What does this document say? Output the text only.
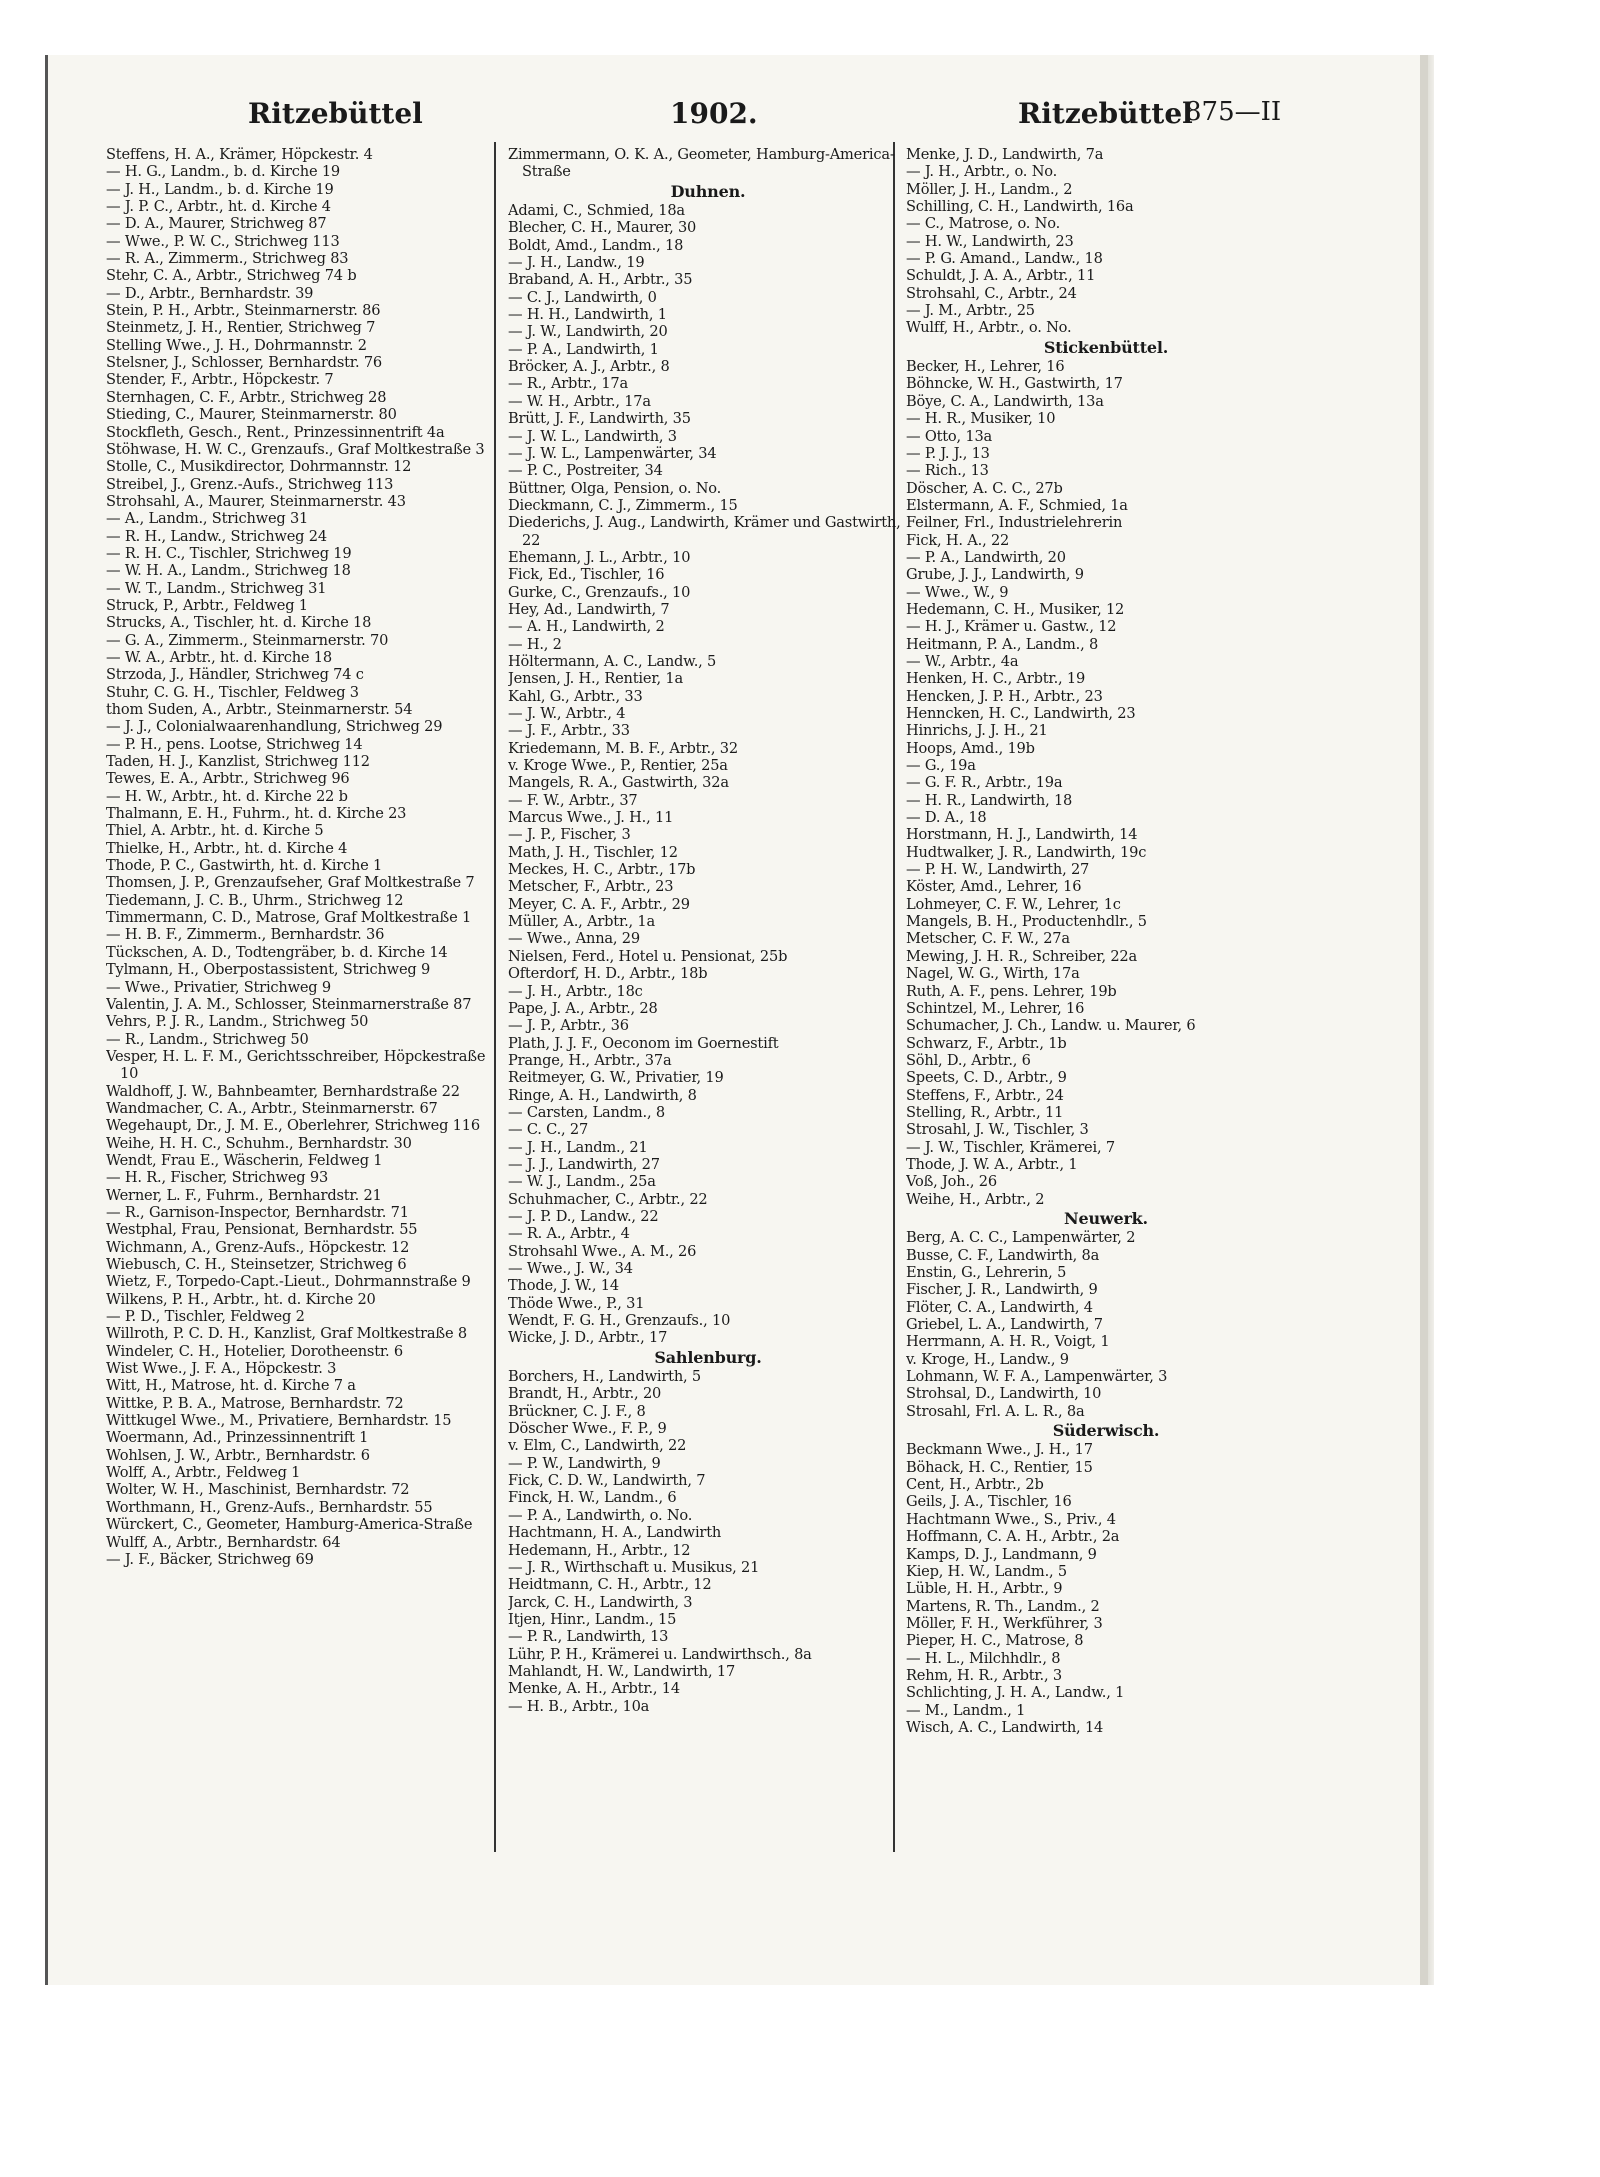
Ritzebüttel	1902.	Ritzebüttel
875—II
Steffens, H. A., Krämer, Höpckestr. 4
— H. G., Landm., b. d. Kirche 19
— J. H., Landm., b. d. Kirche 19
— J. P. C., Arbtr., ht. d. Kirche 4
— D. A., Maurer, Strichweg 87
— Wwe., P. W. C., Strichweg 113
— R. A., Zimmerm., Strichweg 83
Stehr, C. A., Arbtr., Strichweg 74 b
— D., Arbtr., Bernhardstr. 39
Stein, P. H., Arbtr., Steinmarnerstr. 86
Steinmetz, J. H., Rentier, Strichweg 7
Stelling Wwe., J. H., Dohrmannstr. 2
Stelsner, J., Schlosser, Bernhardstr. 76
Stender, F., Arbtr., Höpckestr. 7
Sternhagen, C. F., Arbtr., Strichweg 28
Stieding, C., Maurer, Steinmarnerstr. 80
Stockfleth, Gesch., Rent., Prinzessinnentrift 4a
Stöhwase, H. W. C., Grenzaufs., Graf Moltkestraße 3
Stolle, C., Musikdirector, Dohrmannstr. 12
Streibel, J., Grenz.-Aufs., Strichweg 113
Strohsahl, A., Maurer, Steinmarnerstr. 43
— A., Landm., Strichweg 31
— R. H., Landw., Strichweg 24
— R. H. C., Tischler, Strichweg 19
— W. H. A., Landm., Strichweg 18
— W. T., Landm., Strichweg 31
Struck, P., Arbtr., Feldweg 1
Strucks, A., Tischler, ht. d. Kirche 18
— G. A., Zimmerm., Steinmarnerstr. 70
— W. A., Arbtr., ht. d. Kirche 18
Strzoda, J., Händler, Strichweg 74 c
Stuhr, C. G. H., Tischler, Feldweg 3
thom Suden, A., Arbtr., Steinmarnerstr. 54
— J. J., Colonialwaarenhandlung, Strichweg 29
— P. H., pens. Lootse, Strichweg 14
Taden, H. J., Kanzlist, Strichweg 112
Tewes, E. A., Arbtr., Strichweg 96
— H. W., Arbtr., ht. d. Kirche 22 b
Thalmann, E. H., Fuhrm., ht. d. Kirche 23
Thiel, A. Arbtr., ht. d. Kirche 5
Thielke, H., Arbtr., ht. d. Kirche 4
Thode, P. C., Gastwirth, ht. d. Kirche 1
Thomsen, J. P., Grenzaufseher, Graf Moltkestraße 7
Tiedemann, J. C. B., Uhrm., Strichweg 12
Timmermann, C. D., Matrose, Graf Moltkestraße 1
— H. B. F., Zimmerm., Bernhardstr. 36
Tückschen, A. D., Todtengräber, b. d. Kirche 14
Tylmann, H., Oberpostassistent, Strichweg 9
— Wwe., Privatier, Strichweg 9
Valentin, J. A. M., Schlosser, Steinmarnerstraße 87
Vehrs, P. J. R., Landm., Strichweg 50
— R., Landm., Strichweg 50
Vesper, H. L. F. M., Gerichtsschreiber, Höpckestraße 10
Waldhoff, J. W., Bahnbeamter, Bernhardstraße 22
Wandmacher, C. A., Arbtr., Steinmarnerstr. 67
Wegehaupt, Dr., J. M. E., Oberlehrer, Strichweg 116
Weihe, H. H. C., Schuhm., Bernhardstr. 30
Wendt, Frau E., Wäscherin, Feldweg 1
— H. R., Fischer, Strichweg 93
Werner, L. F., Fuhrm., Bernhardstr. 21
— R., Garnison-Inspector, Bernhardstr. 71
Westphal, Frau, Pensionat, Bernhardstr. 55
Wichmann, A., Grenz-Aufs., Höpckestr. 12
Wiebusch, C. H., Steinsetzer, Strichweg 6
Wietz, F., Torpedo-Capt.-Lieut., Dohrmannstraße 9
Wilkens, P. H., Arbtr., ht. d. Kirche 20
— P. D., Tischler, Feldweg 2
Willroth, P. C. D. H., Kanzlist, Graf Moltkestraße 8
Windeler, C. H., Hotelier, Dorotheenstr. 6
Wist Wwe., J. F. A., Höpckestr. 3
Witt, H., Matrose, ht. d. Kirche 7 a
Wittke, P. B. A., Matrose, Bernhardstr. 72
Wittkugel Wwe., M., Privatiere, Bernhardstr. 15
Woermann, Ad., Prinzessinnentrift 1
Wohlsen, J. W., Arbtr., Bernhardstr. 6
Wolff, A., Arbtr., Feldweg 1
Wolter, W. H., Maschinist, Bernhardstr. 72
Worthmann, H., Grenz-Aufs., Bernhardstr. 55
Würckert, C., Geometer, Hamburg-America-Straße
Wulff, A., Arbtr., Bernhardstr. 64
— J. F., Bäcker, Strichweg 69
Zimmermann, O. K. A., Geometer, Hamburg-America-Straße
Duhnen.
Adami, C., Schmied, 18a
Blecher, C. H., Maurer, 30
Boldt, Amd., Landm., 18
— J. H., Landw., 19
Braband, A. H., Arbtr., 35
— C. J., Landwirth, 0
— H. H., Landwirth, 1
— J. W., Landwirth, 20
— P. A., Landwirth, 1
Bröcker, A. J., Arbtr., 8
— R., Arbtr., 17a
— W. H., Arbtr., 17a
Brütt, J. F., Landwirth, 35
— J. W. L., Landwirth, 3
— J. W. L., Lampenwärter, 34
— P. C., Postreiter, 34
Büttner, Olga, Pension, o. No.
Dieckmann, C. J., Zimmerm., 15
Diederichs, J. Aug., Landwirth, Krämer und Gastwirth, 22
Ehemann, J. L., Arbtr., 10
Fick, Ed., Tischler, 16
Gurke, C., Grenzaufs., 10
Hey, Ad., Landwirth, 7
— A. H., Landwirth, 2
— H., 2
Höltermann, A. C., Landw., 5
Jensen, J. H., Rentier, 1a
Kahl, G., Arbtr., 33
— J. W., Arbtr., 4
— J. F., Arbtr., 33
Kriedemann, M. B. F., Arbtr., 32
v. Kroge Wwe., P., Rentier, 25a
Mangels, R. A., Gastwirth, 32a
— F. W., Arbtr., 37
Marcus Wwe., J. H., 11
— J. P., Fischer, 3
Math, J. H., Tischler, 12
Meckes, H. C., Arbtr., 17b
Metscher, F., Arbtr., 23
Meyer, C. A. F., Arbtr., 29
Müller, A., Arbtr., 1a
— Wwe., Anna, 29
Nielsen, Ferd., Hotel u. Pensionat, 25b
Ofterdorf, H. D., Arbtr., 18b
— J. H., Arbtr., 18c
Pape, J. A., Arbtr., 28
— J. P., Arbtr., 36
Plath, J. J. F., Oeconom im Goernestift
Prange, H., Arbtr., 37a
Reitmeyer, G. W., Privatier, 19
Ringe, A. H., Landwirth, 8
— Carsten, Landm., 8
— C. C., 27
— J. H., Landm., 21
— J. J., Landwirth, 27
— W. J., Landm., 25a
Schuhmacher, C., Arbtr., 22
— J. P. D., Landw., 22
— R. A., Arbtr., 4
Strohsahl Wwe., A. M., 26
— Wwe., J. W., 34
Thode, J. W., 14
Thöde Wwe., P., 31
Wendt, F. G. H., Grenzaufs., 10
Wicke, J. D., Arbtr., 17
Sahlenburg.
Borchers, H., Landwirth, 5
Brandt, H., Arbtr., 20
Brückner, C. J. F., 8
Döscher Wwe., F. P., 9
v. Elm, C., Landwirth, 22
— P. W., Landwirth, 9
Fick, C. D. W., Landwirth, 7
Finck, H. W., Landm., 6
— P. A., Landwirth, o. No.
Hachtmann, H. A., Landwirth
Hedemann, H., Arbtr., 12
— J. R., Wirthschaft u. Musikus, 21
Heidtmann, C. H., Arbtr., 12
Jarck, C. H., Landwirth, 3
Itjen, Hinr., Landm., 15
— P. R., Landwirth, 13
Lühr, P. H., Krämerei u. Landwirthsch., 8a
Mahlandt, H. W., Landwirth, 17
Menke, A. H., Arbtr., 14
— H. B., Arbtr., 10a
Menke, J. D., Landwirth, 7a
— J. H., Arbtr., o. No.
Möller, J. H., Landm., 2
Schilling, C. H., Landwirth, 16a
— C., Matrose, o. No.
— H. W., Landwirth, 23
— P. G. Amand., Landw., 18
Schuldt, J. A. A., Arbtr., 11
Strohsahl, C., Arbtr., 24
— J. M., Arbtr., 25
Wulff, H., Arbtr., o. No.
Stickenbüttel.
Becker, H., Lehrer, 16
Böhncke, W. H., Gastwirth, 17
Böye, C. A., Landwirth, 13a
— H. R., Musiker, 10
— Otto, 13a
— P. J. J., 13
— Rich., 13
Döscher, A. C. C., 27b
Elstermann, A. F., Schmied, 1a
Feilner, Frl., Industrielehrerin
Fick, H. A., 22
— P. A., Landwirth, 20
Grube, J. J., Landwirth, 9
— Wwe., W., 9
Hedemann, C. H., Musiker, 12
— H. J., Krämer u. Gastw., 12
Heitmann, P. A., Landm., 8
— W., Arbtr., 4a
Henken, H. C., Arbtr., 19
Hencken, J. P. H., Arbtr., 23
Henncken, H. C., Landwirth, 23
Hinrichs, J. J. H., 21
Hoops, Amd., 19b
— G., 19a
— G. F. R., Arbtr., 19a
— H. R., Landwirth, 18
— D. A., 18
Horstmann, H. J., Landwirth, 14
Hudtwalker, J. R., Landwirth, 19c
— P. H. W., Landwirth, 27
Köster, Amd., Lehrer, 16
Lohmeyer, C. F. W., Lehrer, 1c
Mangels, B. H., Productenhdlr., 5
Metscher, C. F. W., 27a
Mewing, J. H. R., Schreiber, 22a
Nagel, W. G., Wirth, 17a
Ruth, A. F., pens. Lehrer, 19b
Schintzel, M., Lehrer, 16
Schumacher, J. Ch., Landw. u. Maurer, 6
Schwarz, F., Arbtr., 1b
Söhl, D., Arbtr., 6
Speets, C. D., Arbtr., 9
Steffens, F., Arbtr., 24
Stelling, R., Arbtr., 11
Strosahl, J. W., Tischler, 3
— J. W., Tischler, Krämerei, 7
Thode, J. W. A., Arbtr., 1
Voß, Joh., 26
Weihe, H., Arbtr., 2
Neuwerk.
Berg, A. C. C., Lampenwärter, 2
Busse, C. F., Landwirth, 8a
Enstin, G., Lehrerin, 5
Fischer, J. R., Landwirth, 9
Flöter, C. A., Landwirth, 4
Griebel, L. A., Landwirth, 7
Herrmann, A. H. R., Voigt, 1
v. Kroge, H., Landw., 9
Lohmann, W. F. A., Lampenwärter, 3
Strohsal, D., Landwirth, 10
Strosahl, Frl. A. L. R., 8a
Süderwisch.
Beckmann Wwe., J. H., 17
Böhack, H. C., Rentier, 15
Cent, H., Arbtr., 2b
Geils, J. A., Tischler, 16
Hachtmann Wwe., S., Priv., 4
Hoffmann, C. A. H., Arbtr., 2a
Kamps, D. J., Landmann, 9
Kiep, H. W., Landm., 5
Lüble, H. H., Arbtr., 9
Martens, R. Th., Landm., 2
Möller, F. H., Werkführer, 3
Pieper, H. C., Matrose, 8
— H. L., Milchhdlr., 8
Rehm, H. R., Arbtr., 3
Schlichting, J. H. A., Landw., 1
— M., Landm., 1
Wisch, A. C., Landwirth, 14
